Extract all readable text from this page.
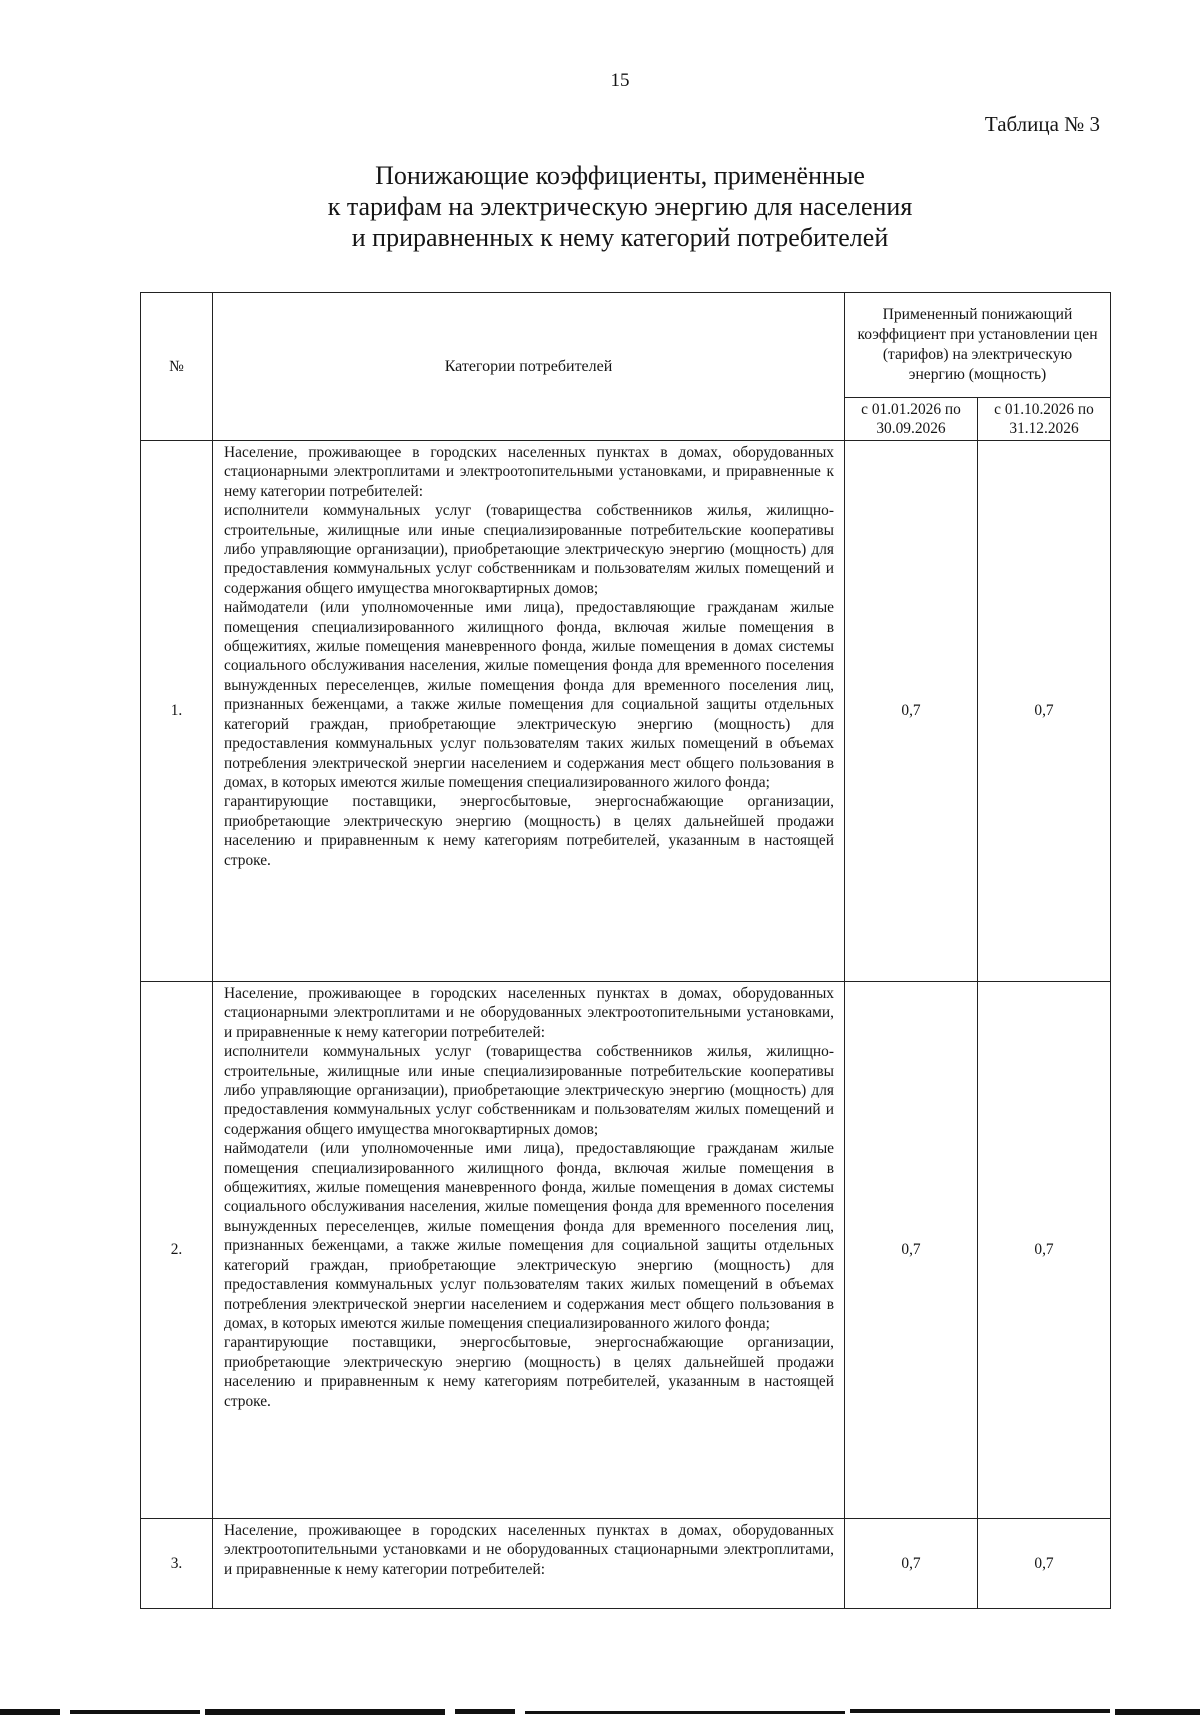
15
Таблица № 3
Понижающие коэффициенты, применённые
к тарифам на электрическую энергию для населения
и приравненных к нему категорий потребителей
№	Категории потребителей	Примененный понижающий коэффициент при установлении цен (тарифов) на электрическую энергию (мощность)	
		с 01.01.2026 по 30.09.2026	с 01.10.2026 по 31.12.2026
1.	Население, проживающее в городских населенных пунктах в домах, оборудованных стационарными электроплитами и электроотопительными установками, и приравненные к нему категории потребителей:

исполнители коммунальных услуг (товарищества собственников жилья, жилищно-строительные, жилищные или иные специализированные потребительские кооперативы либо управляющие организации), приобретающие электрическую энергию (мощность) для предоставления коммунальных услуг собственникам и пользователям жилых помещений и содержания общего имущества многоквартирных домов;

наймодатели (или уполномоченные ими лица), предоставляющие гражданам жилые помещения специализированного жилищного фонда, включая жилые помещения в общежитиях, жилые помещения маневренного фонда, жилые помещения в домах системы социального обслуживания населения, жилые помещения фонда для временного поселения вынужденных переселенцев, жилые помещения фонда для временного поселения лиц, признанных беженцами, а также жилые помещения для социальной защиты отдельных категорий граждан, приобретающие электрическую энергию (мощность) для предоставления коммунальных услуг пользователям таких жилых помещений в объемах потребления электрической энергии населением и содержания мест общего пользования в домах, в которых имеются жилые помещения специализированного жилого фонда;

гарантирующие поставщики, энергосбытовые, энергоснабжающие организации, приобретающие электрическую энергию (мощность) в целях дальнейшей продажи населению и приравненным к нему категориям потребителей, указанным в настоящей строке.	0,7	0,7
2.	Население, проживающее в городских населенных пунктах в домах, оборудованных стационарными электроплитами и не оборудованных электроотопительными установками, и приравненные к нему категории потребителей:

исполнители коммунальных услуг (товарищества собственников жилья, жилищно-строительные, жилищные или иные специализированные потребительские кооперативы либо управляющие организации), приобретающие электрическую энергию (мощность) для предоставления коммунальных услуг собственникам и пользователям жилых помещений и содержания общего имущества многоквартирных домов;

наймодатели (или уполномоченные ими лица), предоставляющие гражданам жилые помещения специализированного жилищного фонда, включая жилые помещения в общежитиях, жилые помещения маневренного фонда, жилые помещения в домах системы социального обслуживания населения, жилые помещения фонда для временного поселения вынужденных переселенцев, жилые помещения фонда для временного поселения лиц, признанных беженцами, а также жилые помещения для социальной защиты отдельных категорий граждан, приобретающие электрическую энергию (мощность) для предоставления коммунальных услуг пользователям таких жилых помещений в объемах потребления электрической энергии населением и содержания мест общего пользования в домах, в которых имеются жилые помещения специализированного жилого фонда;

гарантирующие поставщики, энергосбытовые, энергоснабжающие организации, приобретающие электрическую энергию (мощность) в целях дальнейшей продажи населению и приравненным к нему категориям потребителей, указанным в настоящей строке.	0,7	0,7
3.	Население, проживающее в городских населенных пунктах в домах, оборудованных электроотопительными установками и не оборудованных стационарными электроплитами, и приравненные к нему категории потребителей:	0,7	0,7
